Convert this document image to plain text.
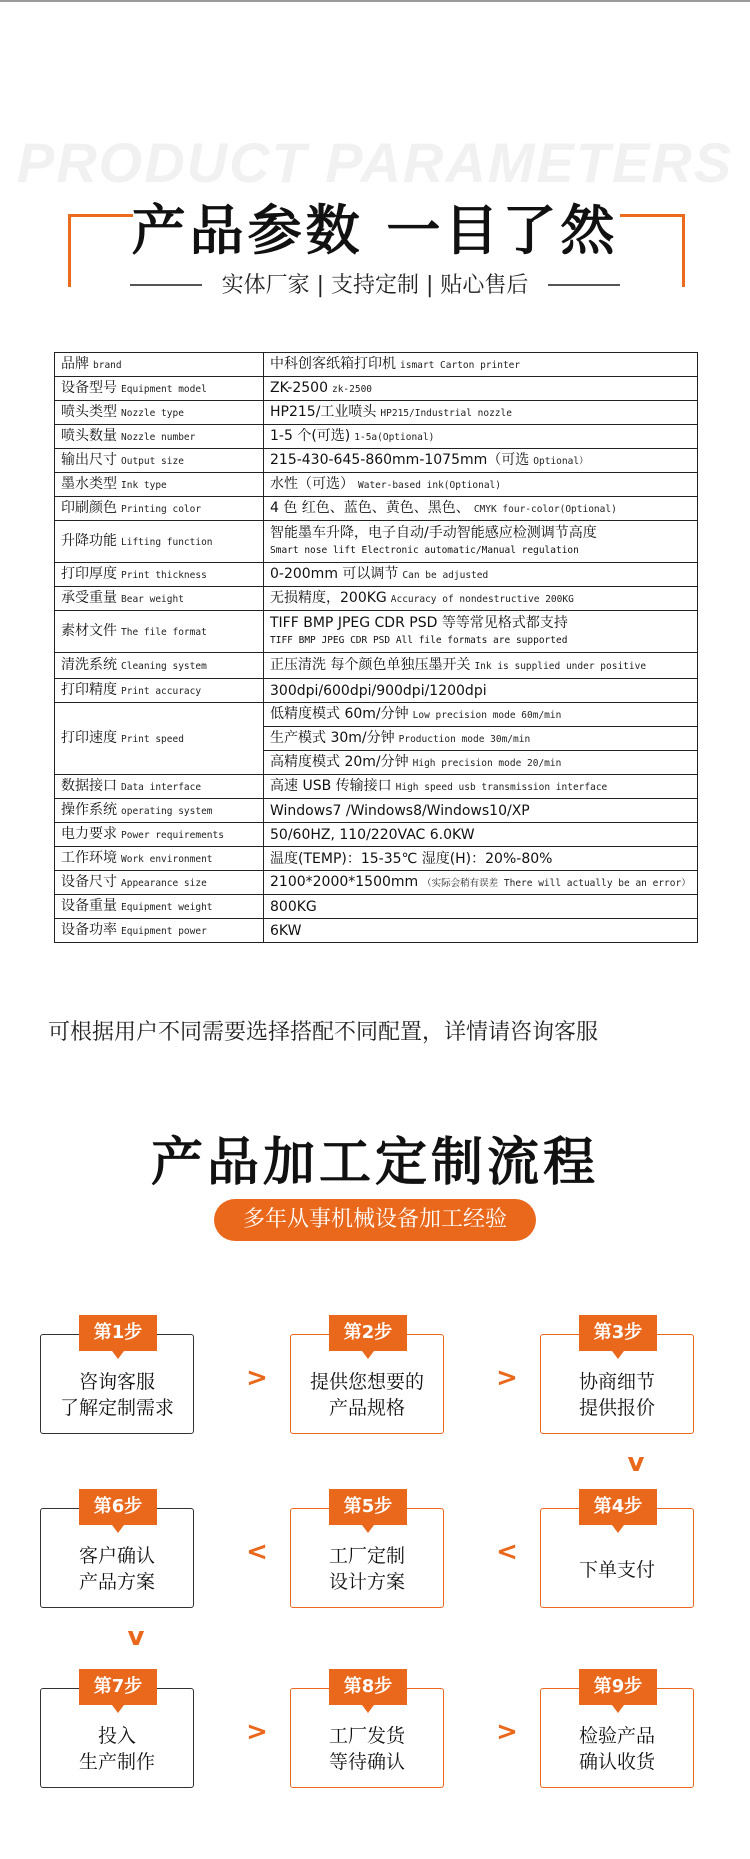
PRODUCT PARAMETERS
产品参数 一目了然
实体厂家 | 支持定制 | 贴心售后
品牌 brand	中科创客纸箱打印机 ismart Carton printer
设备型号 Equipment model	ZK-2500 zk-2500
喷头类型 Nozzle type	HP215/工业喷头 HP215/Industrial nozzle
喷头数量 Nozzle number	1-5 个(可选) 1-5a(Optional)
输出尺寸 Output size	215-430-645-860mm-1075mm（可选 Optional）
墨水类型 Ink type	水性（可选） Water-based ink(Optional)
印刷颜色 Printing color	4 色 红色、蓝色、黄色、黑色、 CMYK four-color(Optional)
升降功能 Lifting function	智能墨车升降，电子自动/手动智能感应检测调节高度
Smart nose lift Electronic automatic/Manual regulation

打印厚度 Print thickness	0-200mm 可以调节 Can be adjusted
承受重量 Bear weight	无损精度，200KG Accuracy of nondestructive 200KG
素材文件 The file format	TIFF BMP JPEG CDR PSD 等等常见格式都支持
TIFF BMP JPEG CDR PSD All file formats are supported

清洗系统 Cleaning system	正压清洗 每个颜色单独压墨开关 Ink is supplied under positive
打印精度 Print accuracy	300dpi/600dpi/900dpi/1200dpi
打印速度 Print speed	低精度模式 60m/分钟 Low precision mode 60m/min
	生产模式 30m/分钟 Production mode 30m/min
	高精度模式 20m/分钟 High precision mode 20/min
数据接口 Data interface	高速 USB 传输接口 High speed usb transmission interface
操作系统 operating system	Windows7 /Windows8/Windows10/XP
电力要求 Power requirements	50/60HZ, 110/220VAC 6.0KW
工作环境 Work environment	温度(TEMP)：15-35℃ 湿度(H)：20%-80%
设备尺寸 Appearance size	2100*2000*1500mm （实际会稍有误差 There will actually be an error）
设备重量 Equipment weight	800KG
设备功率 Equipment power	6KW
可根据用户不同需要选择搭配不同配置，详情请咨询客服
产品加工定制流程
多年从事机械设备加工经验
第1步
咨询客服
了解定制需求
>
第2步
提供您想要的
产品规格
>
第3步
协商细节
提供报价
v
第6步
客户确认
产品方案
<
第5步
工厂定制
设计方案
<
第4步
下单支付
v
第7步
投入
生产制作
>
第8步
工厂发货
等待确认
>
第9步
检验产品
确认收货
